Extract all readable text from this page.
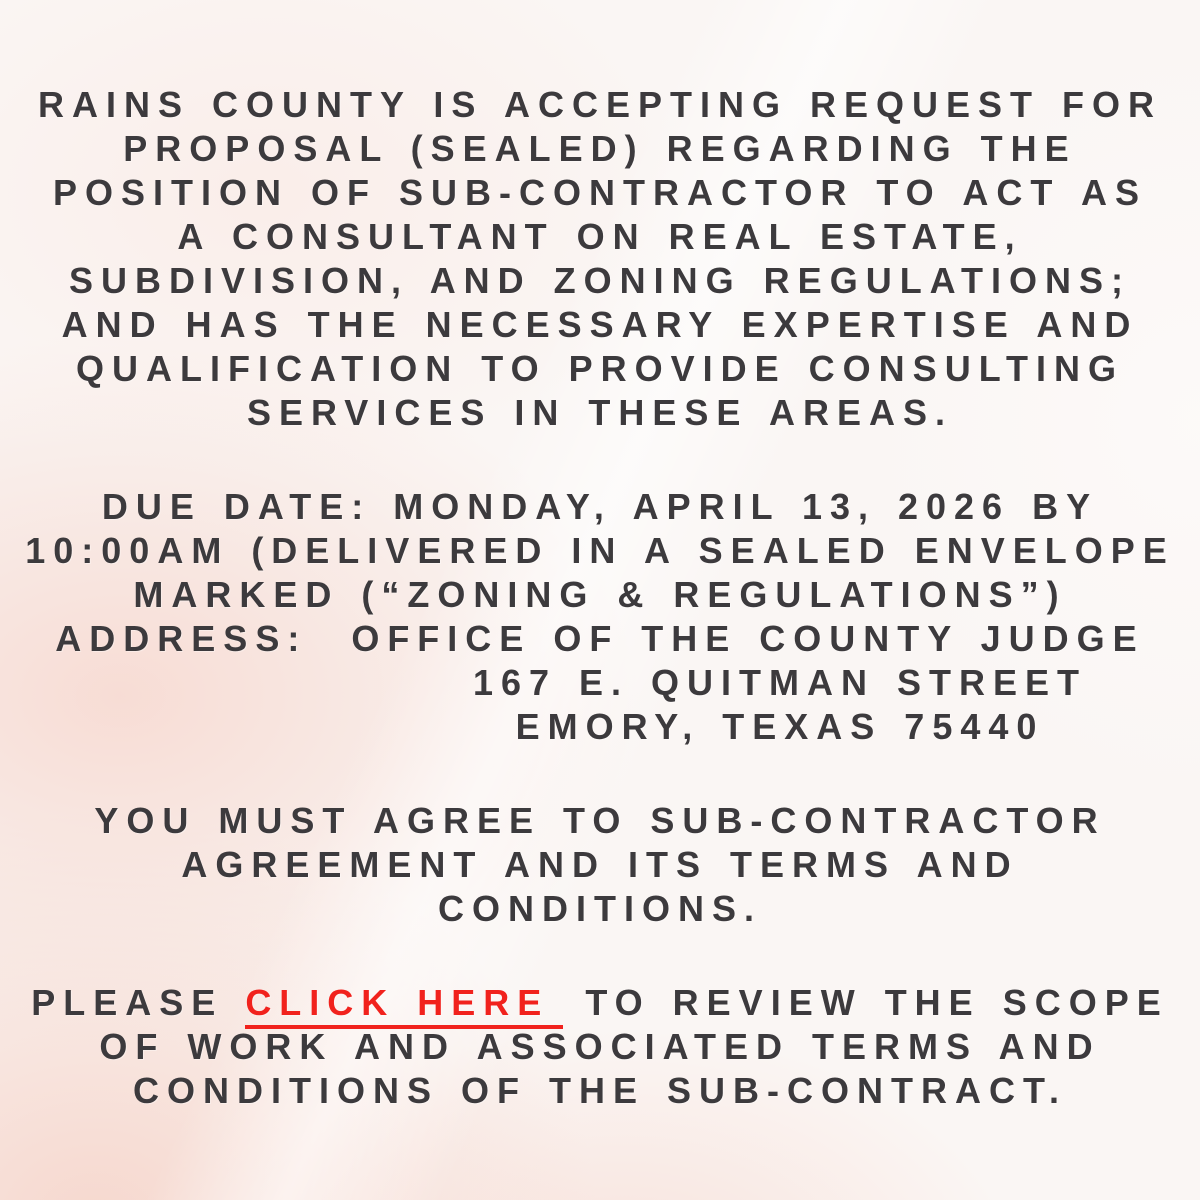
RAINS COUNTY IS ACCEPTING REQUEST FOR
PROPOSAL (SEALED) REGARDING THE
POSITION OF SUB-CONTRACTOR TO ACT AS
A CONSULTANT ON REAL ESTATE,
SUBDIVISION, AND ZONING REGULATIONS;
AND HAS THE NECESSARY EXPERTISE AND
QUALIFICATION TO PROVIDE CONSULTING
SERVICES IN THESE AREAS.
DUE DATE: MONDAY, APRIL 13, 2026 BY
10:00AM (DELIVERED IN A SEALED ENVELOPE
MARKED (“ZONING & REGULATIONS”)
ADDRESS:  OFFICE OF THE COUNTY JUDGE
167 E. QUITMAN STREET
EMORY, TEXAS 75440
YOU MUST AGREE TO SUB-CONTRACTOR
AGREEMENT AND ITS TERMS AND
CONDITIONS.
PLEASE CLICK HERE TO REVIEW THE SCOPE
OF WORK AND ASSOCIATED TERMS AND
CONDITIONS OF THE SUB-CONTRACT.
